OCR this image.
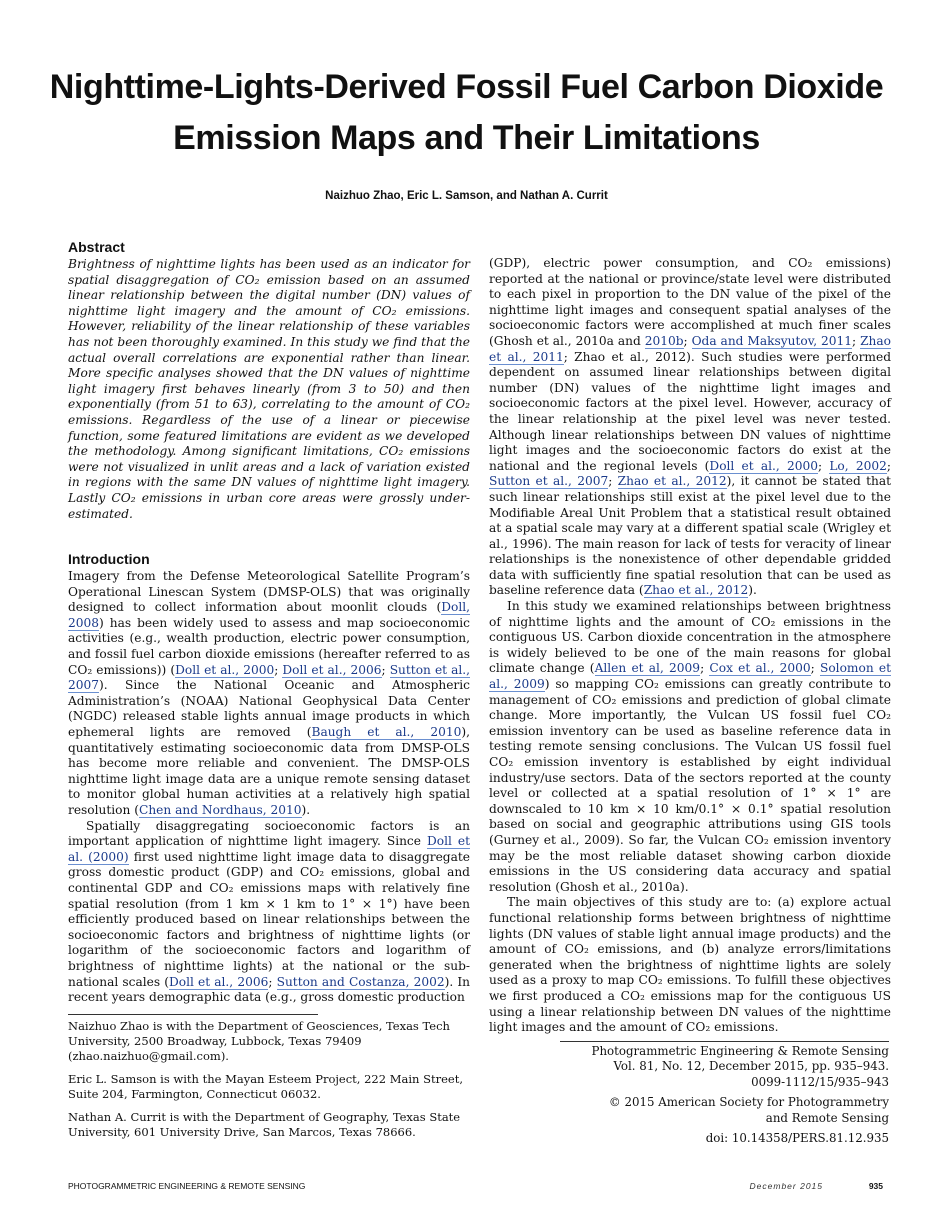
Nighttime-Lights-Derived Fossil Fuel Carbon Dioxide Emission Maps and Their Limitations
Naizhuo Zhao, Eric L. Samson, and Nathan A. Currit
Abstract

Brightness of nighttime lights has been used as an indicator for spatial disaggregation of CO₂ emission based on an assumed linear relationship between the digital number (DN) values of nighttime light imagery and the amount of CO₂ emissions. However, reliability of the linear relationship of these variables has not been thoroughly examined. In this study we find that the actual overall correlations are exponential rather than linear. More specific analyses showed that the DN values of nighttime light imagery first behaves linearly (from 3 to 50) and then exponentially (from 51 to 63), correlating to the amount of CO₂ emissions. Regardless of the use of a linear or piecewise function, some featured limitations are evident as we developed the methodology. Among significant limitations, CO₂ emissions were not visualized in unlit areas and a lack of variation existed in regions with the same DN values of nighttime light imagery. Lastly CO₂ emissions in urban core areas were grossly under-estimated.

Introduction

Imagery from the Defense Meteorological Satellite Program’s Operational Linescan System (DMSP-OLS) that was originally designed to collect information about moonlit clouds (Doll, 2008) has been widely used to assess and map socioeconomic activities (e.g., wealth production, electric power consumption, and fossil fuel carbon dioxide emissions (hereafter referred to as CO₂ emissions)) (Doll et al., 2000; Doll et al., 2006; Sutton et al., 2007). Since the National Oceanic and Atmospheric Administration’s (NOAA) National Geophysical Data Center (NGDC) released stable lights annual image products in which ephemeral lights are removed (Baugh et al., 2010), quantitatively estimating socioeconomic data from DMSP-OLS has become more reliable and convenient. The DMSP-OLS nighttime light image data are a unique remote sensing dataset to monitor global human activities at a relatively high spatial resolution (Chen and Nordhaus, 2010).

Spatially disaggregating socioeconomic factors is an important application of nighttime light imagery. Since Doll et al. (2000) first used nighttime light image data to disaggregate gross domestic product (GDP) and CO₂ emissions, global and continental GDP and CO₂ emissions maps with relatively fine spatial resolution (from 1 km × 1 km to 1° × 1°) have been efficiently produced based on linear relationships between the socioeconomic factors and brightness of nighttime lights (or logarithm of the socioeconomic factors and logarithm of brightness of nighttime lights) at the national or the sub-national scales (Doll et al., 2006; Sutton and Costanza, 2002). In recent years demographic data (e.g., gross domestic production

(GDP), electric power consumption, and CO₂ emissions) reported at the national or province/state level were distributed to each pixel in proportion to the DN value of the pixel of the nighttime light images and consequent spatial analyses of the socioeconomic factors were accomplished at much finer scales (Ghosh et al., 2010a and 2010b; Oda and Maksyutov, 2011; Zhao et al., 2011; Zhao et al., 2012). Such studies were performed dependent on assumed linear relationships between digital number (DN) values of the nighttime light images and socioeconomic factors at the pixel level. However, accuracy of the linear relationship at the pixel level was never tested. Although linear relationships between DN values of nighttime light images and the socioeconomic factors do exist at the national and the regional levels (Doll et al., 2000; Lo, 2002; Sutton et al., 2007; Zhao et al., 2012), it cannot be stated that such linear relationships still exist at the pixel level due to the Modifiable Areal Unit Problem that a statistical result obtained at a spatial scale may vary at a different spatial scale (Wrigley et al., 1996). The main reason for lack of tests for veracity of linear relationships is the nonexistence of other dependable gridded data with sufficiently fine spatial resolution that can be used as baseline reference data (Zhao et al., 2012).

In this study we examined relationships between brightness of nighttime lights and the amount of CO₂ emissions in the contiguous US. Carbon dioxide concentration in the atmosphere is widely believed to be one of the main reasons for global climate change (Allen et al, 2009; Cox et al., 2000; Solomon et al., 2009) so mapping CO₂ emissions can greatly contribute to management of CO₂ emissions and prediction of global climate change. More importantly, the Vulcan US fossil fuel CO₂ emission inventory can be used as baseline reference data in testing remote sensing conclusions. The Vulcan US fossil fuel CO₂ emission inventory is established by eight individual industry/use sectors. Data of the sectors reported at the county level or collected at a spatial resolution of 1° × 1° are downscaled to 10 km × 10 km/0.1° × 0.1° spatial resolution based on social and geographic attributions using GIS tools (Gurney et al., 2009). So far, the Vulcan CO₂ emission inventory may be the most reliable dataset showing carbon dioxide emissions in the US considering data accuracy and spatial resolution (Ghosh et al., 2010a).

The main objectives of this study are to: (a) explore actual functional relationship forms between brightness of nighttime lights (DN values of stable light annual image products) and the amount of CO₂ emissions, and (b) analyze errors/limitations generated when the brightness of nighttime lights are solely used as a proxy to map CO₂ emissions. To fulfill these objectives we first produced a CO₂ emissions map for the contiguous US using a linear relationship between DN values of the nighttime light images and the amount of CO₂ emissions.

Naizhuo Zhao is with the Department of Geosciences, Texas Tech University, 2500 Broadway, Lubbock, Texas 79409 (zhao.naizhuo@gmail.com).

Eric L. Samson is with the Mayan Esteem Project, 222 Main Street, Suite 204, Farmington, Connecticut 06032.

Nathan A. Currit is with the Department of Geography, Texas State University, 601 University Drive, San Marcos, Texas 78666.

Photogrammetric Engineering & Remote Sensing
Vol. 81, No. 12, December 2015, pp. 935–943.
0099-1112/15/935–943
© 2015 American Society for Photogrammetry
and Remote Sensing
doi: 10.14358/PERS.81.12.935
PHOTOGRAMMETRIC ENGINEERING & REMOTE SENSING	December 2015	935
